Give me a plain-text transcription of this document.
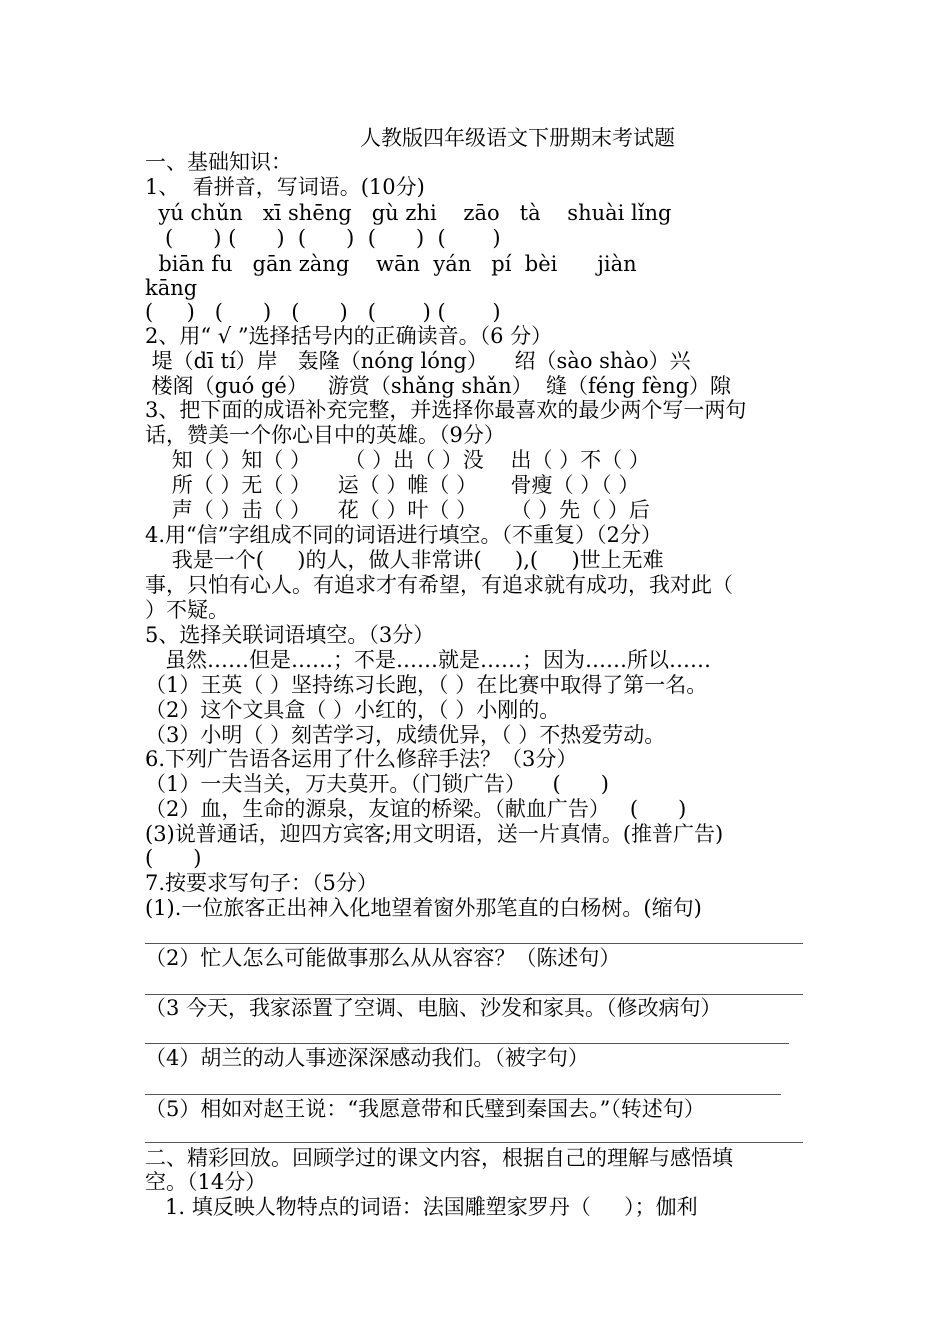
人教版四年级语文下册期末考试题
一、基础知识：
1、  看拼音，写词语。(10分)
yú chǔn   xī shēng   gù zhi    zāo   tà    shuài lǐng
(      ) (      )  (      )  (      )  (       )
biān fu   gān zàng    wān  yán   pí  bèi      jiàn
kāng
(     )   (      )   (      )   (       ) (       )
2、用“ √ ”选择括号内的正确读音。（6 分）
堤（dī tí）岸   轰隆（nóng lóng）    绍（sào shào）兴
楼阁（guó gé）   游赏（shǎng shǎn）  缝（féng fèng）隙
3、把下面的成语补充完整，并选择你最喜欢的最少两个写一两句
话，赞美一个你心目中的英雄。（9分）
知（ ）知（ ）     （ ）出（ ）没    出（ ）不（ ）
所（ ）无（ ）    运（ ）帷（ ）     骨瘦（ ）（ ）
声（ ）击（ ）    花（ ）叶（ ）     （ ）先（ ）后
4.用“信”字组成不同的词语进行填空。（不重复）（2分）
我是一个(     )的人，做人非常讲(     ),(     )世上无难
事，只怕有心人。有追求才有希望，有追求就有成功，我对此（
）不疑。
5、选择关联词语填空。（3分）
虽然……但是……；不是……就是……；因为……所以……
（1）王英（ ）坚持练习长跑，（ ）在比赛中取得了第一名。
（2）这个文具盒（ ）小红的，（ ）小刚的。
（3）小明（ ）刻苦学习，成绩优异，（ ）不热爱劳动。
6.下列广告语各运用了什么修辞手法？（3分）
（1）一夫当关，万夫莫开。（门锁广告）    (      )
（2）血，生命的源泉，友谊的桥梁。（献血广告）   (      )
(3)说普通话，迎四方宾客;用文明语，送一片真情。(推普广告)
(      )
7.按要求写句子：（5分）
(1).一位旅客正出神入化地望着窗外那笔直的白杨树。(缩句)
（2）忙人怎么可能做事那么从从容容？（陈述句）
（3 今天，我家添置了空调、电脑、沙发和家具。（修改病句）
（4）胡兰的动人事迹深深感动我们。（被字句）
（5）相如对赵王说：“我愿意带和氏璧到秦国去。”（转述句）
二、精彩回放。回顾学过的课文内容，根据自己的理解与感悟填
空。（14分）
1. 填反映人物特点的词语：法国雕塑家罗丹（     ）；伽利
